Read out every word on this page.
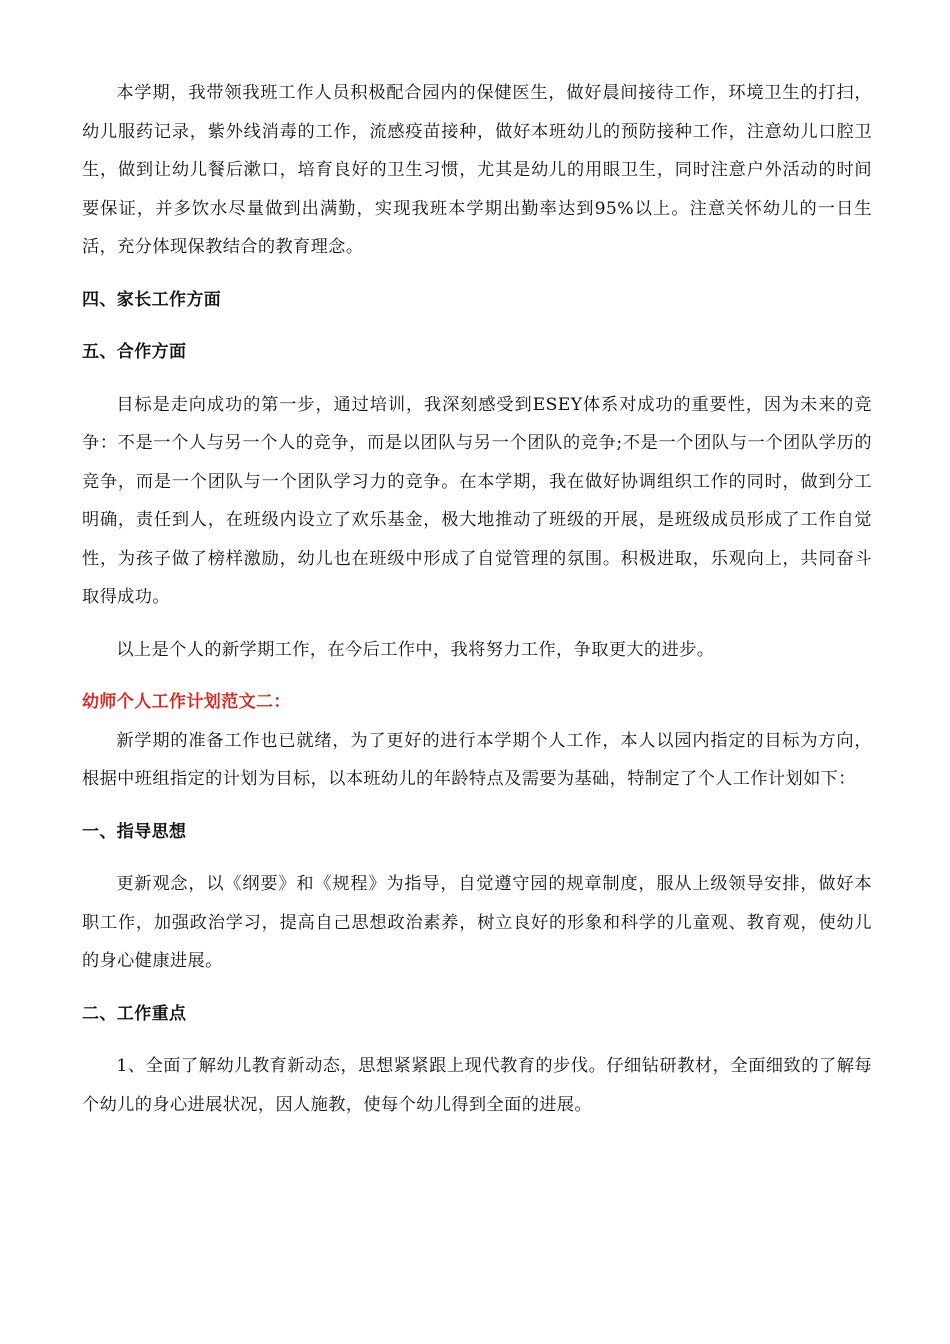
本学期，我带领我班工作人员积极配合园内的保健医生，做好晨间接待工作，环境卫生的打扫，幼儿服药记录，紫外线消毒的工作，流感疫苗接种，做好本班幼儿的预防接种工作，注意幼儿口腔卫生，做到让幼儿餐后漱口，培育良好的卫生习惯，尤其是幼儿的用眼卫生，同时注意户外活动的时间要保证，并多饮水尽量做到出满勤，实现我班本学期出勤率达到95%以上。注意关怀幼儿的一日生活，充分体现保教结合的教育理念。

四、家长工作方面

五、合作方面

目标是走向成功的第一步，通过培训，我深刻感受到ESEY体系对成功的重要性，因为未来的竞争：不是一个人与另一个人的竞争，而是以团队与另一个团队的竞争;不是一个团队与一个团队学历的竞争，而是一个团队与一个团队学习力的竞争。在本学期，我在做好协调组织工作的同时，做到分工明确，责任到人，在班级内设立了欢乐基金，极大地推动了班级的开展，是班级成员形成了工作自觉性，为孩子做了榜样激励，幼儿也在班级中形成了自觉管理的氛围。积极进取，乐观向上，共同奋斗取得成功。

以上是个人的新学期工作，在今后工作中，我将努力工作，争取更大的进步。

幼师个人工作计划范文二：

新学期的准备工作也已就绪，为了更好的进行本学期个人工作，本人以园内指定的目标为方向，根据中班组指定的计划为目标，以本班幼儿的年龄特点及需要为基础，特制定了个人工作计划如下：

一、指导思想

更新观念，以《纲要》和《规程》为指导，自觉遵守园的规章制度，服从上级领导安排，做好本职工作，加强政治学习，提高自己思想政治素养，树立良好的形象和科学的儿童观、教育观，使幼儿的身心健康进展。

二、工作重点

1、全面了解幼儿教育新动态，思想紧紧跟上现代教育的步伐。仔细钻研教材，全面细致的了解每个幼儿的身心进展状况，因人施教，使每个幼儿得到全面的进展。
